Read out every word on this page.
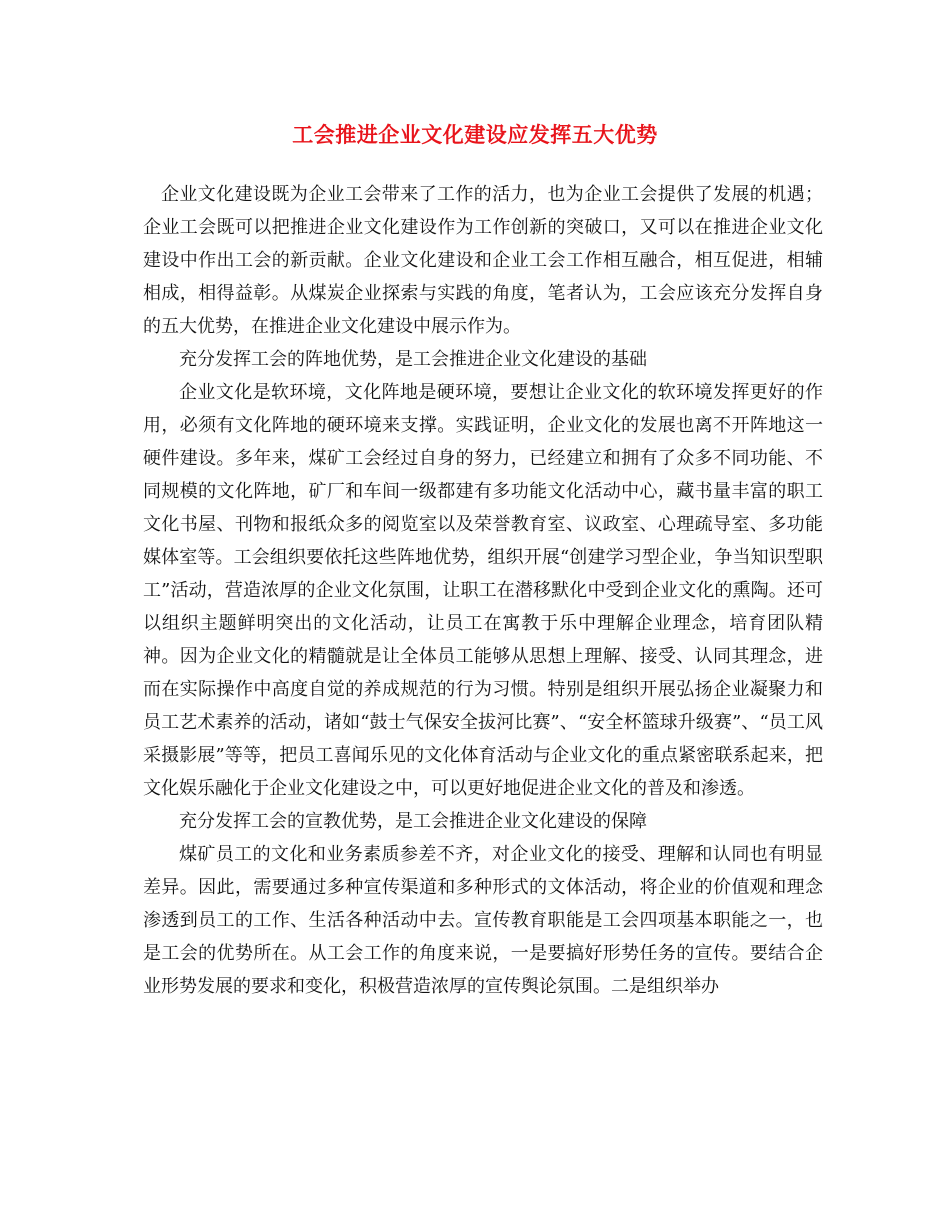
工会推进企业文化建设应发挥五大优势

企业文化建设既为企业工会带来了工作的活力，也为企业工会提供了发展的机遇；企业工会既可以把推进企业文化建设作为工作创新的突破口，又可以在推进企业文化建设中作出工会的新贡献。企业文化建设和企业工会工作相互融合，相互促进，相辅相成，相得益彰。从煤炭企业探索与实践的角度，笔者认为，工会应该充分发挥自身的五大优势，在推进企业文化建设中展示作为。

充分发挥工会的阵地优势，是工会推进企业文化建设的基础

企业文化是软环境，文化阵地是硬环境，要想让企业文化的软环境发挥更好的作用，必须有文化阵地的硬环境来支撑。实践证明，企业文化的发展也离不开阵地这一硬件建设。多年来，煤矿工会经过自身的努力，已经建立和拥有了众多不同功能、不同规模的文化阵地，矿厂和车间一级都建有多功能文化活动中心，藏书量丰富的职工文化书屋、刊物和报纸众多的阅览室以及荣誉教育室、议政室、心理疏导室、多功能媒体室等。工会组织要依托这些阵地优势，组织开展“创建学习型企业，争当知识型职工”活动，营造浓厚的企业文化氛围，让职工在潜移默化中受到企业文化的熏陶。还可以组织主题鲜明突出的文化活动，让员工在寓教于乐中理解企业理念，培育团队精神。因为企业文化的精髓就是让全体员工能够从思想上理解、接受、认同其理念，进而在实际操作中高度自觉的养成规范的行为习惯。特别是组织开展弘扬企业凝聚力和员工艺术素养的活动，诸如“鼓士气保安全拔河比赛”、“安全杯篮球升级赛”、“员工风采摄影展”等等，把员工喜闻乐见的文化体育活动与企业文化的重点紧密联系起来，把文化娱乐融化于企业文化建设之中，可以更好地促进企业文化的普及和渗透。

充分发挥工会的宣教优势，是工会推进企业文化建设的保障

煤矿员工的文化和业务素质参差不齐，对企业文化的接受、理解和认同也有明显差异。因此，需要通过多种宣传渠道和多种形式的文体活动，将企业的价值观和理念渗透到员工的工作、生活各种活动中去。宣传教育职能是工会四项基本职能之一，也是工会的优势所在。从工会工作的角度来说，一是要搞好形势任务的宣传。要结合企业形势发展的要求和变化，积极营造浓厚的宣传舆论氛围。二是组织举办
